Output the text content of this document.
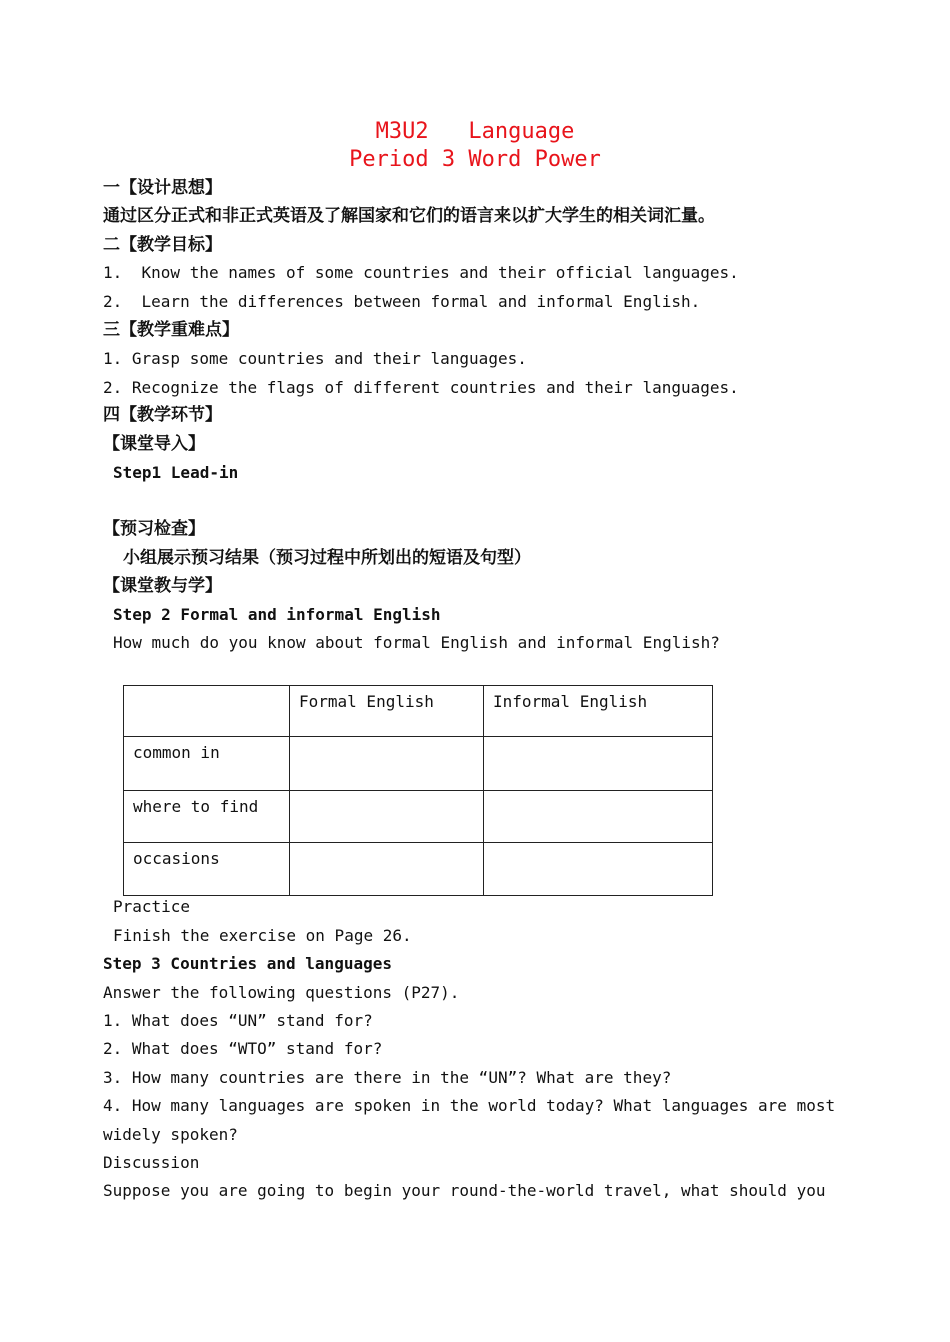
M3U2   Language
Period 3 Word Power
一【设计思想】
通过区分正式和非正式英语及了解国家和它们的语言来以扩大学生的相关词汇量。
二【教学目标】
1.  Know the names of some countries and their official languages.
2.  Learn the differences between formal and informal English.
三【教学重难点】
1. Grasp some countries and their languages.
2. Recognize the flags of different countries and their languages.
四【教学环节】
【课堂导入】
Step1 Lead-in
【预习检查】
小组展示预习结果（预习过程中所划出的短语及句型）
【课堂教与学】
Step 2 Formal and informal English
How much do you know about formal English and informal English?
	Formal English	Informal English
common in		
where to find		
occasions		
Practice
Finish the exercise on Page 26.
Step 3 Countries and languages
Answer the following questions (P27).
1. What does “UN” stand for?
2. What does “WTO” stand for?
3. How many countries are there in the “UN”? What are they?
4. How many languages are spoken in the world today? What languages are most
widely spoken?
Discussion
Suppose you are going to begin your round-the-world travel, what should you
